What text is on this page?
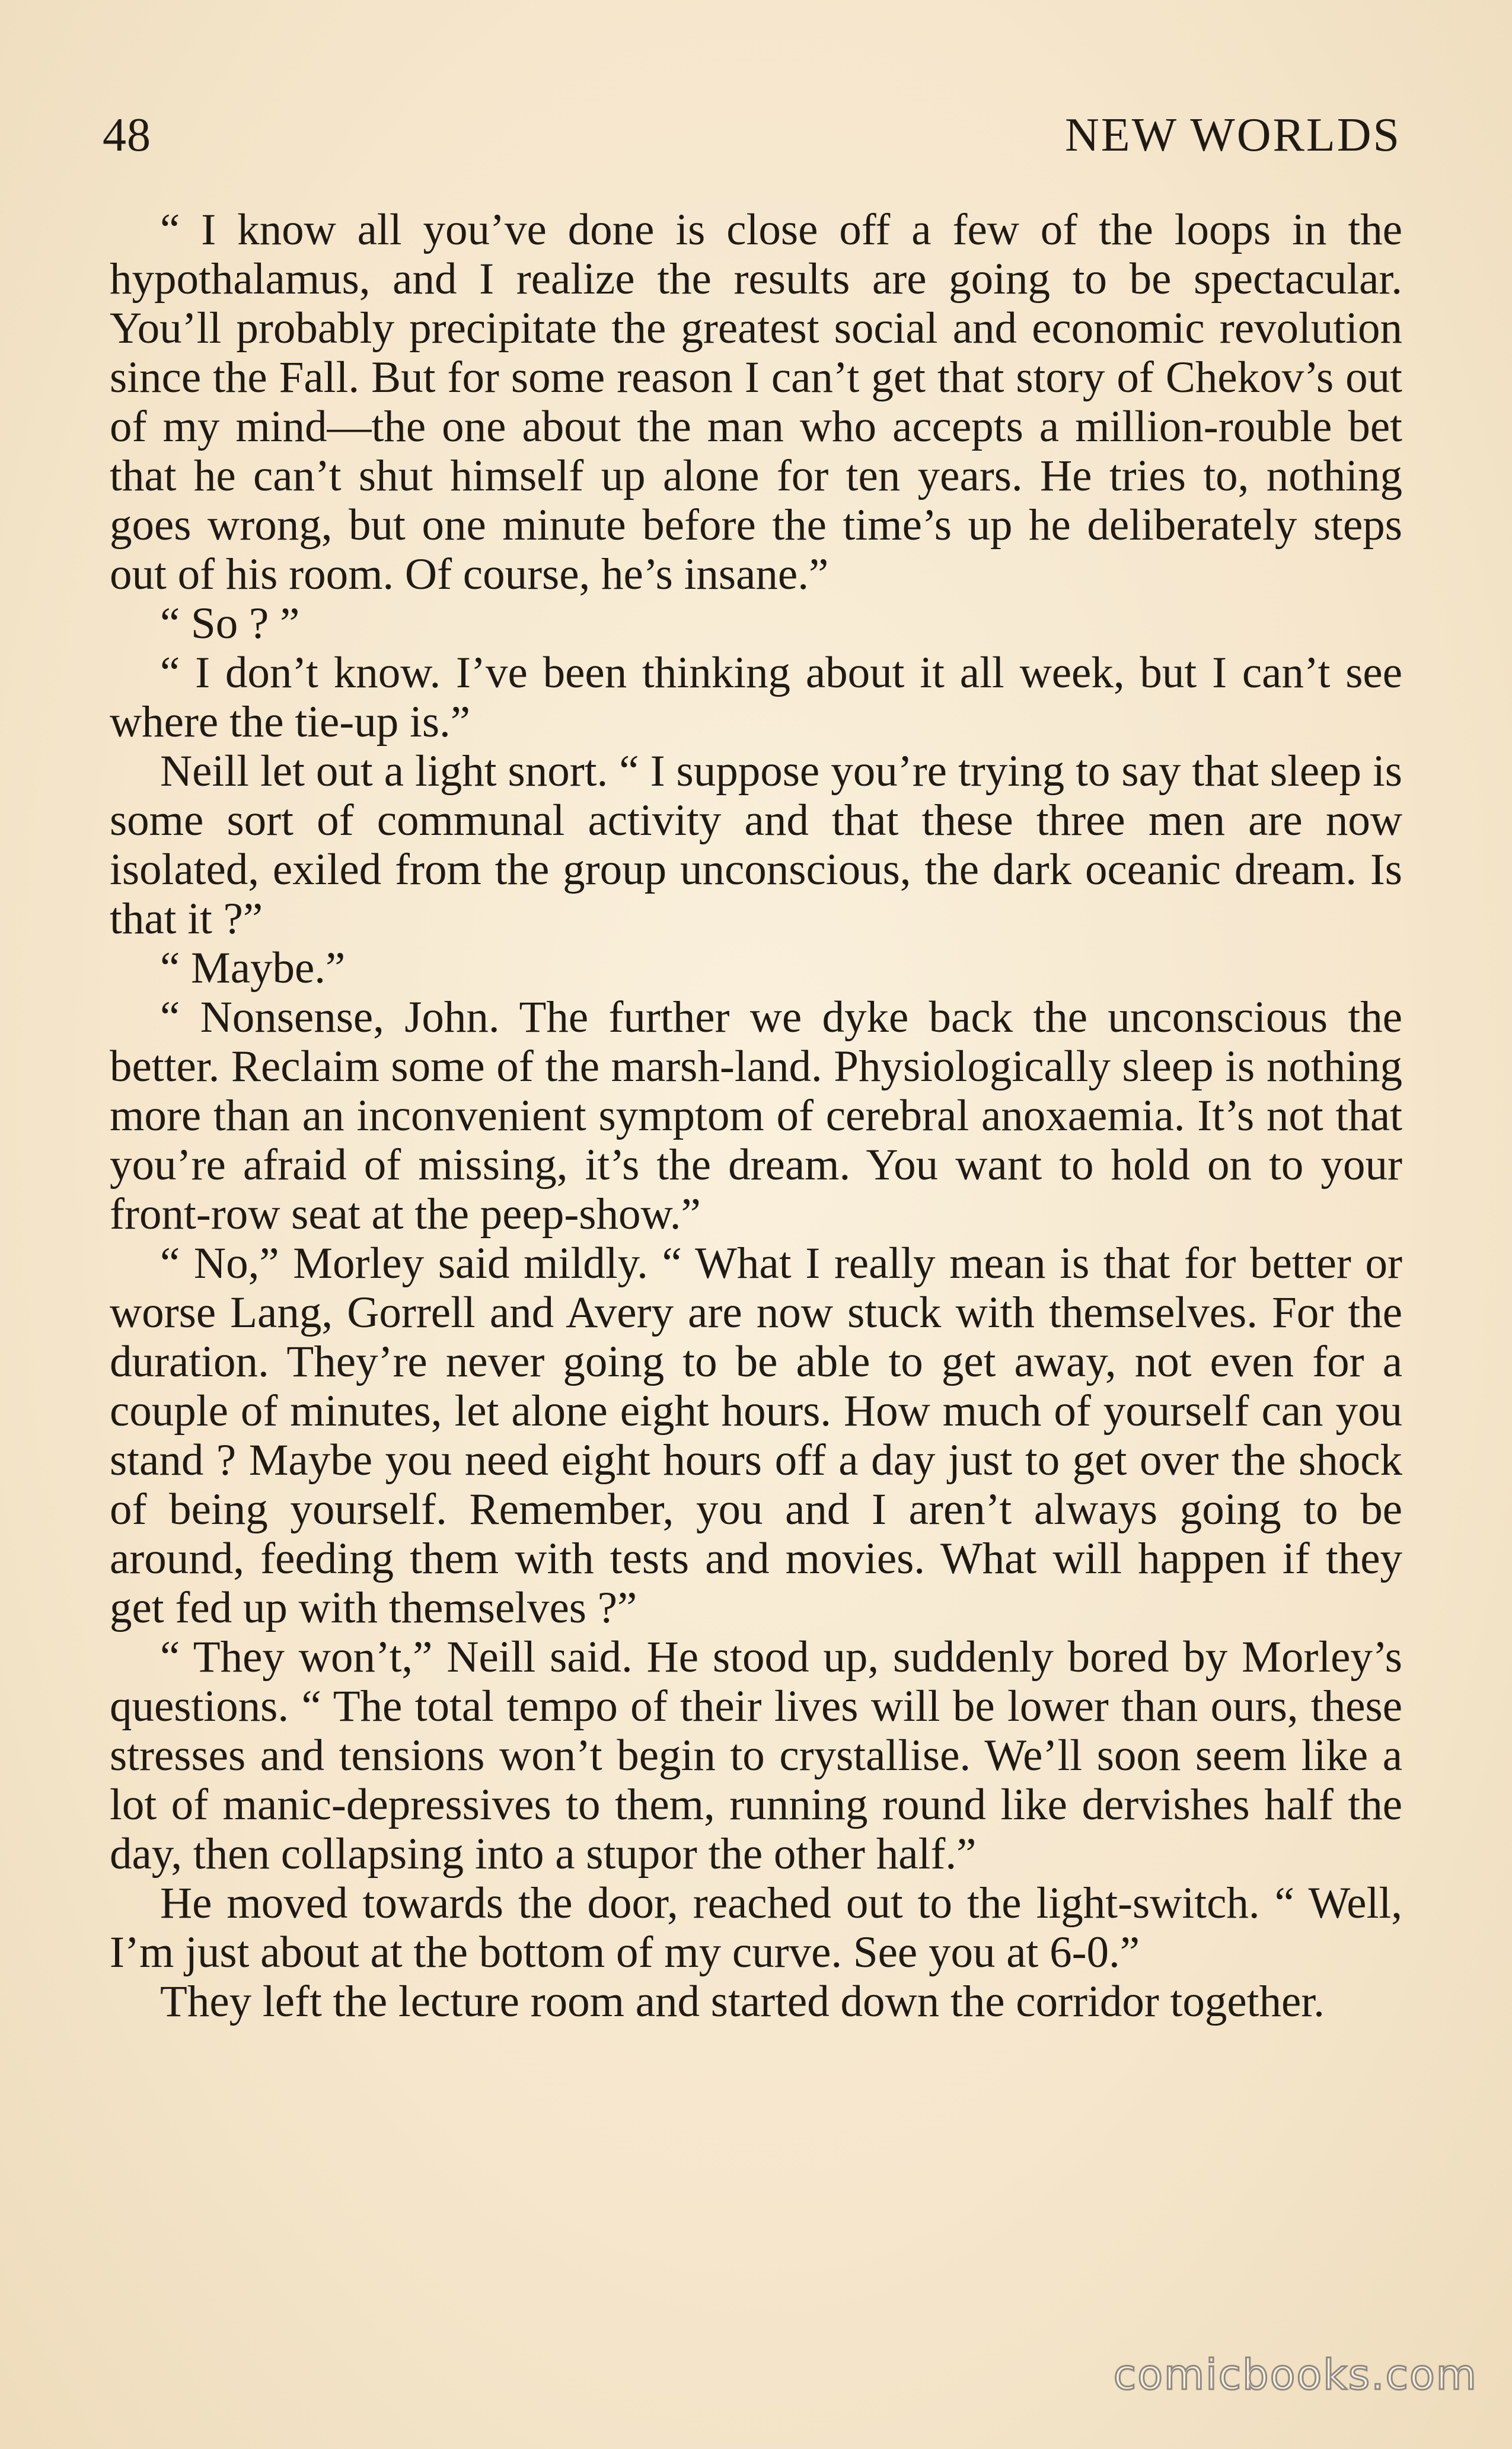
48	NEW WORLDS

“ I know all you’ve done is close off a few of the loops in the hypothalamus, and I realize the results are going to be spectacular. You’ll probably precipitate the greatest social and economic revolution since the Fall. But for some reason I can’t get that story of Chekov’s out of my mind—the one about the man who accepts a million-rouble bet that he can’t shut himself up alone for ten years. He tries to, nothing goes wrong, but one minute before the time’s up he deliberately steps out of his room. Of course, he’s insane.”

“ So ? ”

“ I don’t know. I’ve been thinking about it all week, but I can’t see where the tie-up is.”

Neill let out a light snort. “ I suppose you’re trying to say that sleep is some sort of communal activity and that these three men are now isolated, exiled from the group unconscious, the dark oceanic dream. Is that it ?”

“ Maybe.”

“ Nonsense, John. The further we dyke back the unconscious the better. Reclaim some of the marsh-land. Physiologically sleep is nothing more than an inconvenient symptom of cerebral anoxaemia. It’s not that you’re afraid of missing, it’s the dream. You want to hold on to your front-row seat at the peep-show.”

“ No,” Morley said mildly. “ What I really mean is that for better or worse Lang, Gorrell and Avery are now stuck with themselves. For the duration. They’re never going to be able to get away, not even for a couple of minutes, let alone eight hours. How much of yourself can you stand ? Maybe you need eight hours off a day just to get over the shock of being yourself. Remember, you and I aren’t always going to be around, feeding them with tests and movies. What will happen if they get fed up with themselves ?”

“ They won’t,” Neill said. He stood up, suddenly bored by Morley’s questions. “ The total tempo of their lives will be lower than ours, these stresses and tensions won’t begin to crystallise. We’ll soon seem like a lot of manic-depressives to them, running round like dervishes half the day, then collapsing into a stupor the other half.”

He moved towards the door, reached out to the light-switch. “ Well, I’m just about at the bottom of my curve. See you at 6-0.”

They left the lecture room and started down the corridor together.

comicbooks.com
